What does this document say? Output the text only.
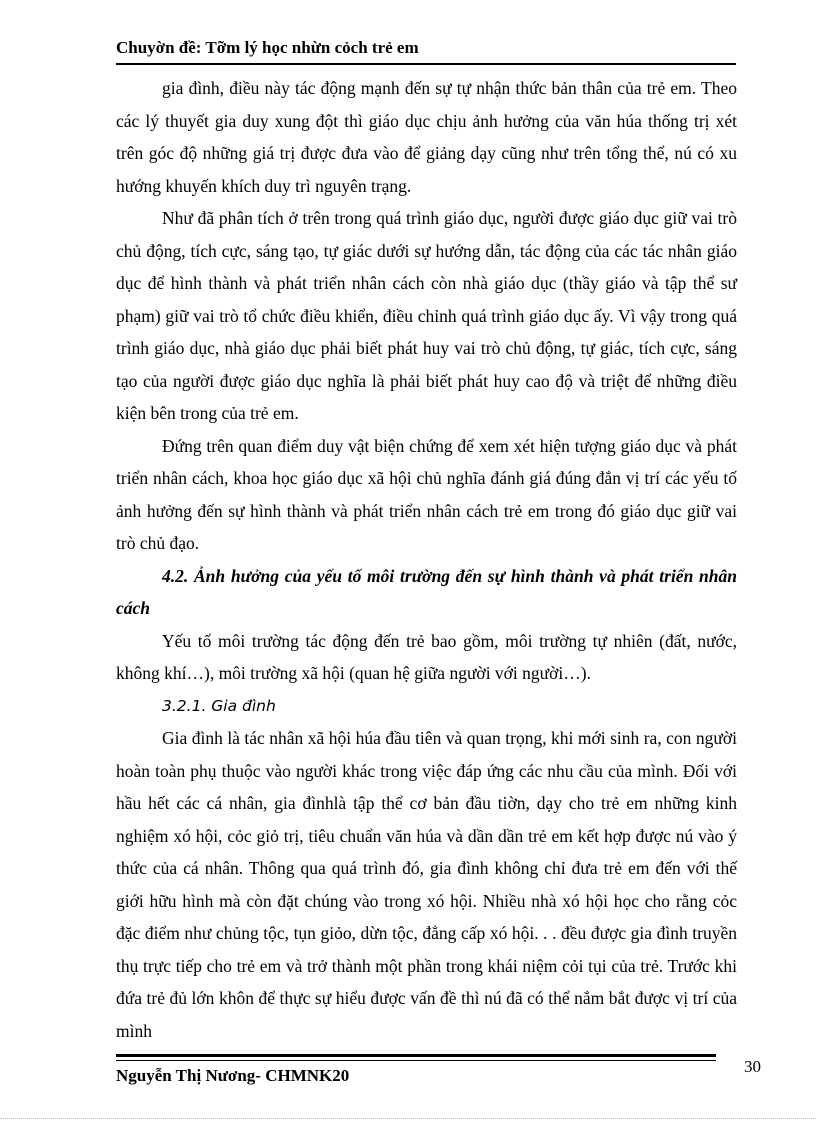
Chuyờn đề: Tỡm lý học nhừn cỏch trẻ em

gia đình, điều này tác động mạnh đến sự tự nhận thức bản thân của trẻ em. Theo các lý thuyết gia duy xung đột thì giáo dục chịu ảnh hưởng của văn húa thống trị xét trên góc độ những giá trị được đưa vào để giảng dạy cũng như trên tổng thể, nú có xu hướng khuyến khích duy trì nguyên trạng.

Như đã phân tích ở trên trong quá trình giáo dục, người được giáo dục giữ vai trò chủ động, tích cực, sáng tạo, tự giác dưới sự hướng dẫn, tác động của các tác nhân giáo dục để hình thành và phát triển nhân cách còn nhà giáo dục (thầy giáo và tập thể sư phạm) giữ vai trò tổ chức điều khiển, điều chỉnh quá trình giáo dục ấy. Vì vậy trong quá trình giáo dục, nhà giáo dục phải biết phát huy vai trò chủ động, tự giác, tích cực, sáng tạo của người được giáo dục nghĩa là phải biết phát huy cao độ và triệt để những điều kiện bên trong của trẻ em.

Đứng trên quan điểm duy vật biện chứng để xem xét hiện tượng giáo dục và phát triển nhân cách, khoa học giáo dục xã hội chủ nghĩa đánh giá đúng đắn vị trí các yếu tố ảnh hưởng đến sự hình thành và phát triển nhân cách trẻ em trong đó giáo dục giữ vai trò chủ đạo.

4.2. Ảnh hưởng của yếu tố môi trường đến sự hình thành và phát triển nhân cách

Yếu tố môi trường tác động đến trẻ bao gồm, môi trường tự nhiên (đất, nước, không khí…), môi trường xã hội (quan hệ giữa người với người…).

3.2.1. Gia đình

Gia đình là tác nhân xã hội húa đầu tiên và quan trọng, khi mới sinh ra, con người hoàn toàn phụ thuộc vào người khác trong việc đáp ứng các nhu cầu của mình. Đối với hầu hết các cá nhân, gia đìnhlà tập thể cơ bản đầu tiờn, dạy cho trẻ em những kinh nghiệm xó hội, cỏc giỏ trị, tiêu chuẩn văn húa và dần dần trẻ em kết hợp được nú vào ý thức của cá nhân. Thông qua quá trình đó, gia đình không chỉ đưa trẻ em đến với thế giới hữu hình mà còn đặt chúng vào trong xó hội. Nhiều nhà xó hội học cho rằng cỏc đặc điểm như chủng tộc, tụn giỏo, dừn tộc, đẳng cấp xó hội. . . đều được gia đình truyền thụ trực tiếp cho trẻ em và trở thành một phần trong khái niệm cỏi tụi của trẻ. Trước khi đứa trẻ đủ lớn khôn để thực sự hiểu được vấn đề thì nú đã có thể nắm bắt được vị trí của mình

Nguyễn Thị Nương- CHMNK20	30
